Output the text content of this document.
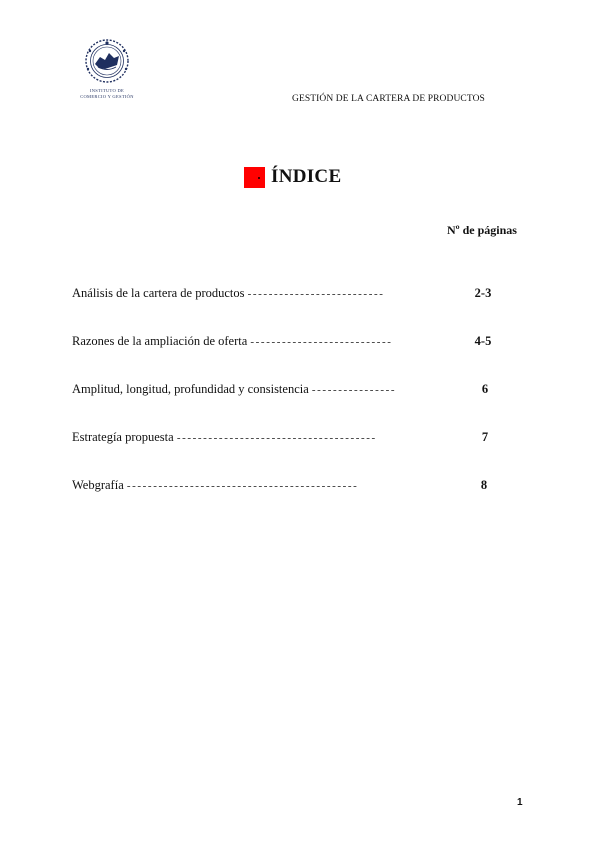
INSTITUTO DE
COMERCIO Y GESTIÓN	GESTIÓN DE LA CARTERA DE PRODUCTOS
ÍNDICE
Nº de páginas
Análisis de la cartera de productos --------------------------	2-3
Razones de la ampliación de oferta ---------------------------	4-5
Amplitud, longitud, profundidad y consistencia ----------------	6
Estrategía propuesta --------------------------------------	7
Webgrafía --------------------------------------------	8
1
